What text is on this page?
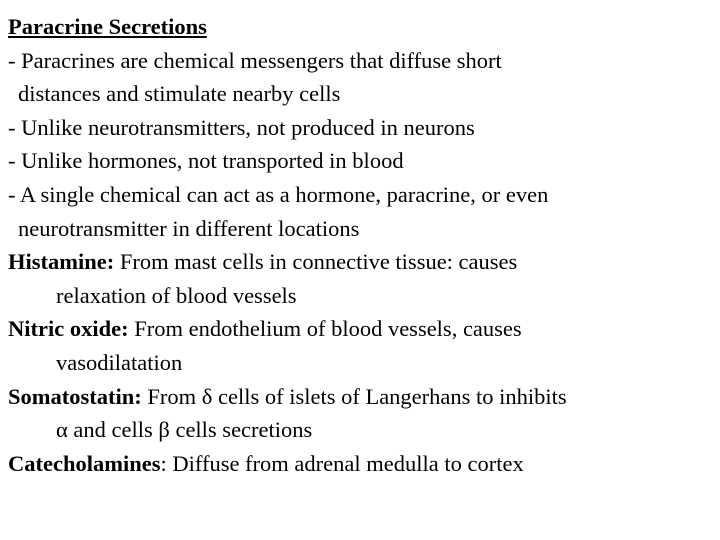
Paracrine Secretions
- Paracrines are chemical messengers that diffuse short
distances and stimulate nearby cells
- Unlike neurotransmitters, not produced in neurons
- Unlike hormones, not transported in blood
- A single chemical can act as a hormone, paracrine, or even
neurotransmitter in different locations
Histamine: From mast cells in connective tissue: causes
relaxation of blood vessels
Nitric oxide: From endothelium of blood vessels, causes
vasodilatation
Somatostatin: From δ cells of islets of Langerhans to inhibits
α and cells β cells secretions
Catecholamines: Diffuse from adrenal medulla to cortex
